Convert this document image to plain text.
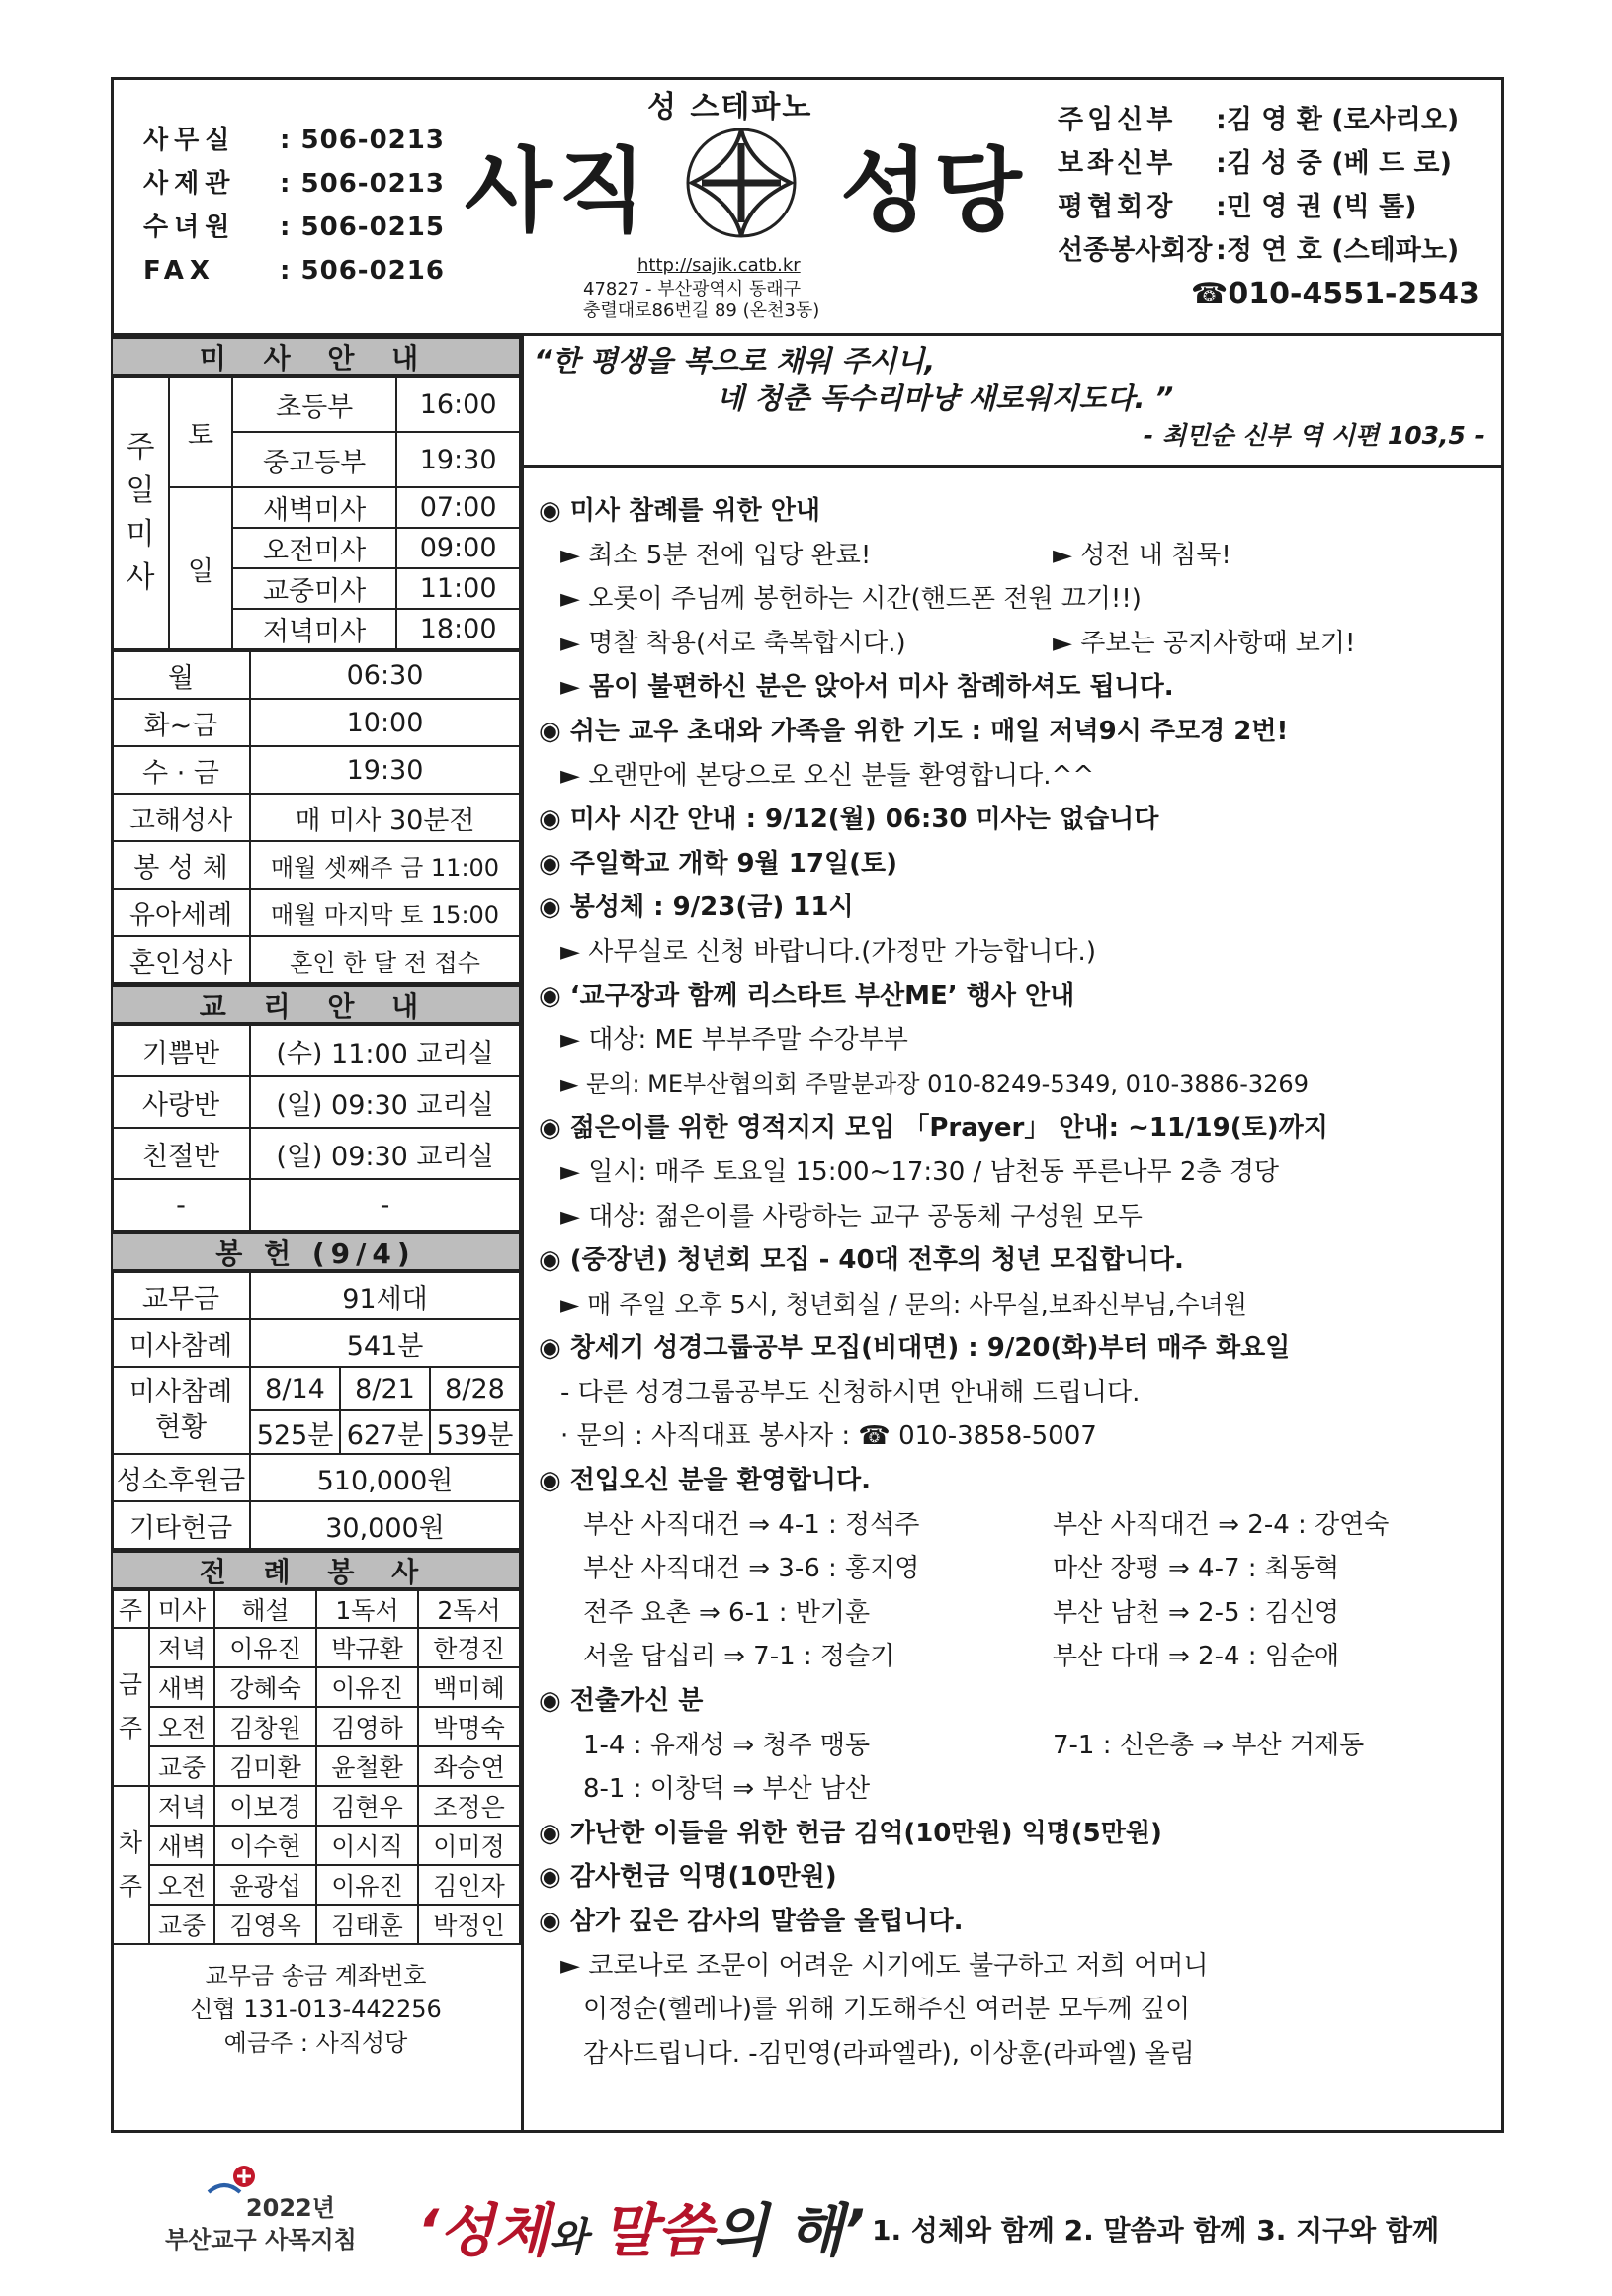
사무실 : 506-0213
사제관 : 506-0213
수녀원 : 506-0215
FAX : 506-0216
성 스테파노
사직 성당
http://sajik.catb.kr
47827 - 부산광역시 동래구
충렬대로86번길 89 (온천3동)
주임신부 :김 영 환 (로사리오)
보좌신부 :김 성 중 (베 드 로)
평협회장 :민 영 권 (빅 톨)
선종봉사회장 :정 연 호 (스테파노)
☎010-4551-2543
미 사 안 내
주일미사	토	초등부	16:00
		중고등부	19:30
	일	새벽미사	07:00
		오전미사	09:00
		교중미사	11:00
		저녁미사	18:00
월	06:30
화~금	10:00
수 · 금	19:30
고해성사	매 미사 30분전
봉 성 체	매월 셋째주 금 11:00
유아세례	매월 마지막 토 15:00
혼인성사	혼인 한 달 전 접수
교 리 안 내
기쁨반	(수) 11:00 교리실
사랑반	(일) 09:30 교리실
친절반	(일) 09:30 교리실
-	-
봉 헌 (9/4)
교무금	91세대		
미사참례	541분		

미사참례
현황	8/14	8/21	8/28
	525분	627분	539분
성소후원금	510,000원		
기타헌금	30,000원		
전 례 봉 사
주	미사	해설	1독서	2독서
금주	저녁	이유진	박규환	한경진
	새벽	강혜숙	이유진	백미혜
	오전	김창원	김영하	박명숙
	교중	김미환	윤철환	좌승연
차주	저녁	이보경	김현우	조정은
	새벽	이수현	이시직	이미정
	오전	윤광섭	이유진	김인자
	교중	김영옥	김태훈	박정인
교무금 송금 계좌번호
신협 131-013-442256
예금주 : 사직성당
“한 평생을 복으로 채워 주시니,
네 청춘 독수리마냥 새로워지도다. ”
- 최민순 신부 역 시편 103,5 -
◉ 미사 참례를 위한 안내
► 최소 5분 전에 입당 완료!	► 성전 내 침묵!
► 오롯이 주님께 봉헌하는 시간(핸드폰 전원 끄기!!)
► 명찰 착용(서로 축복합시다.)	► 주보는 공지사항때 보기!
► 몸이 불편하신 분은 앉아서 미사 참례하셔도 됩니다.
◉ 쉬는 교우 초대와 가족을 위한 기도 : 매일 저녁9시 주모경 2번!
► 오랜만에 본당으로 오신 분들 환영합니다.^^
◉ 미사 시간 안내 : 9/12(월) 06:30 미사는 없습니다
◉ 주일학교 개학 9월 17일(토)
◉ 봉성체 : 9/23(금) 11시
► 사무실로 신청 바랍니다.(가정만 가능합니다.)
◉ ‘교구장과 함께 리스타트 부산ME’ 행사 안내
► 대상: ME 부부주말 수강부부
► 문의: ME부산협의회 주말분과장 010-8249-5349, 010-3886-3269
◉ 젊은이를 위한 영적지지 모임 「Prayer」 안내: ~11/19(토)까지
► 일시: 매주 토요일 15:00~17:30 / 남천동 푸른나무 2층 경당
► 대상: 젊은이를 사랑하는 교구 공동체 구성원 모두
◉ (중장년) 청년회 모집 - 40대 전후의 청년 모집합니다.
► 매 주일 오후 5시, 청년회실 / 문의: 사무실,보좌신부님,수녀원
◉ 창세기 성경그룹공부 모집(비대면) : 9/20(화)부터 매주 화요일
- 다른 성경그룹공부도 신청하시면 안내해 드립니다.
· 문의 : 사직대표 봉사자 : ☎ 010-3858-5007
◉ 전입오신 분을 환영합니다.
부산 사직대건 ⇒ 4-1 : 정석주	부산 사직대건 ⇒ 2-4 : 강연숙
부산 사직대건 ⇒ 3-6 : 홍지영	마산 장평 ⇒ 4-7 : 최동혁
전주 요촌 ⇒ 6-1 : 반기훈	부산 남천 ⇒ 2-5 : 김신영
서울 답십리 ⇒ 7-1 : 정슬기	부산 다대 ⇒ 2-4 : 임순애
◉ 전출가신 분
1-4 : 유재성 ⇒ 청주 맹동	7-1 : 신은총 ⇒ 부산 거제동
8-1 : 이창덕 ⇒ 부산 남산
◉ 가난한 이들을 위한 헌금 김억(10만원) 익명(5만원)
◉ 감사헌금 익명(10만원)
◉ 삼가 깊은 감사의 말씀을 올립니다.
► 코로나로 조문이 어려운 시기에도 불구하고 저희 어머니
이정순(헬레나)를 위해 기도해주신 여러분 모두께 깊이
감사드립니다. -김민영(라파엘라), 이상훈(라파엘) 올림
2022년
부산교구 사목지침 ‘성체와 말씀의 해’ 1. 성체와 함께 2. 말씀과 함께 3. 지구와 함께
